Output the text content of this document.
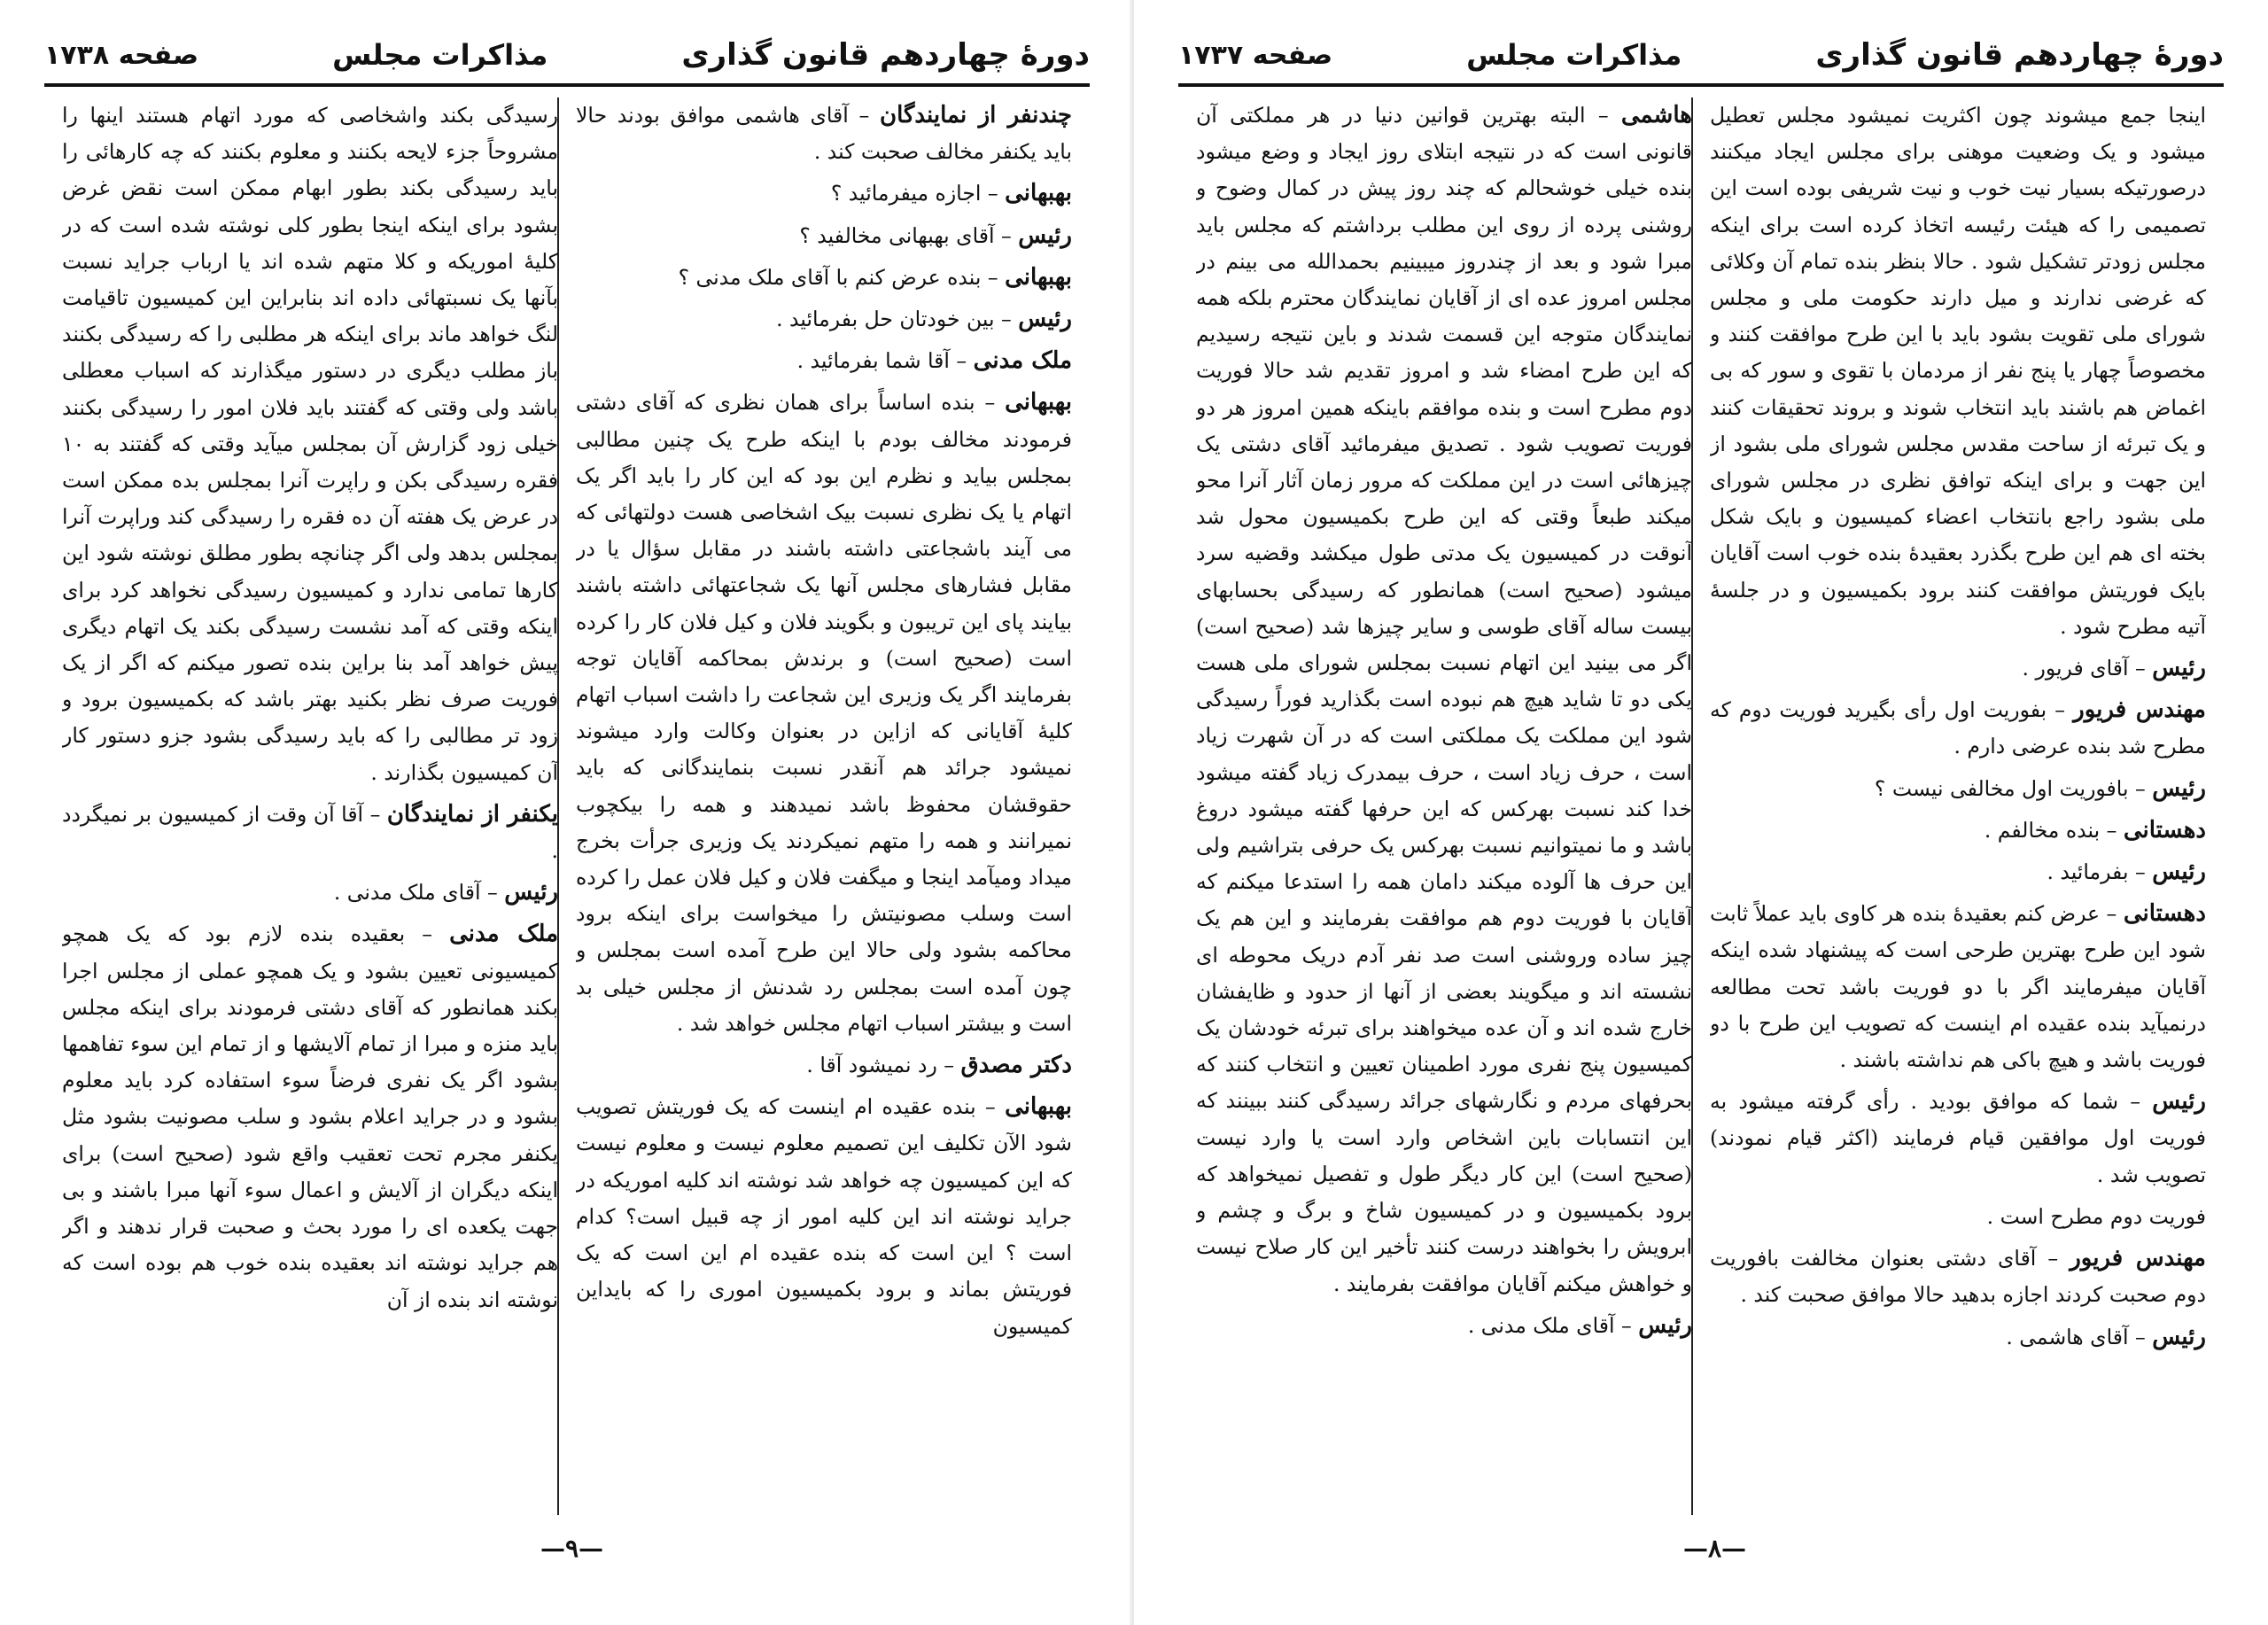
دورهٔ چهاردهم قانون گذاری
مذاکرات مجلس
صفحه ۱۷۳۸

چندنفر از نمایندگان – آقای هاشمی موافق بودند حالا باید یکنفر مخالف صحبت کند .

بهبهانی – اجازه میفرمائید ؟

رئیس – آقای بهبهانی مخالفید ؟

بهبهانی – بنده عرض کنم با آقای ملک مدنی ؟

رئیس – بین خودتان حل بفرمائید .

ملک مدنی – آقا شما بفرمائید .

بهبهانی – بنده اساساً برای همان نظری که آقای دشتی فرمودند مخالف بودم با اینکه طرح یک چنین مطالبی بمجلس بیاید و نظرم این بود که این کار را باید اگر یک اتهام یا یک نظری نسبت بیک اشخاصی هست دولتهائی که می آیند باشجاعتی داشته باشند در مقابل سؤال یا در مقابل فشارهای مجلس آنها یک شجاعتهائی داشته باشند بیایند پای این تریبون و بگویند فلان و کیل فلان کار را کرده است (صحیح است) و برندش بمحاکمه آقایان توجه بفرمایند اگر یک وزیری این شجاعت را داشت اسباب اتهام کلیهٔ آقایانی که ازاین در بعنوان وکالت وارد میشوند نمیشود جرائد هم آنقدر نسبت بنمایندگانی که باید حقوقشان محفوظ باشد نمیدهند و همه را بیکچوب نمیرانند و همه را متهم نمیکردند یک وزیری جرأت بخرج میداد ومیآمد اینجا و میگفت فلان و کیل فلان عمل را کرده است وسلب مصونیتش را میخواست برای اینکه برود محاکمه بشود ولی حالا این طرح آمده است بمجلس و چون آمده است بمجلس رد شدنش از مجلس خیلی بد است و بیشتر اسباب اتهام مجلس خواهد شد .

دکتر مصدق – رد نمیشود آقا .

بهبهانی – بنده عقیده ام اینست که یک فوریتش تصویب شود الآن تکلیف این تصمیم معلوم نیست و معلوم نیست که این کمیسیون چه خواهد شد نوشته اند کلیه اموریکه در جراید نوشته اند این کلیه امور از چه قبیل است؟ کدام است ؟ این است که بنده عقیده ام این است که یک فوریتش بماند و برود بکمیسیون اموری را که بایداین کمیسیون

رسیدگی بکند واشخاصی که مورد اتهام هستند اینها را مشروحاً جزء لایحه بکنند و معلوم بکنند که چه کارهائی را باید رسیدگی بکند بطور ابهام ممکن است نقض غرض بشود برای اینکه اینجا بطور کلی نوشته شده است که در کلیهٔ اموریکه و کلا متهم شده اند یا ارباب جراید نسبت بآنها یک نسبتهائی داده اند بنابراین این کمیسیون تاقیامت لنگ خواهد ماند برای اینکه هر مطلبی را که رسیدگی بکنند باز مطلب دیگری در دستور میگذارند که اسباب معطلی باشد ولی وقتی که گفتند باید فلان امور را رسیدگی بکنند خیلی زود گزارش آن بمجلس میآید وقتی که گفتند به ۱۰ فقره رسیدگی بکن و راپرت آنرا بمجلس بده ممکن است در عرض یک هفته آن ده فقره را رسیدگی کند وراپرت آنرا بمجلس بدهد ولی اگر چنانچه بطور مطلق نوشته شود این کارها تمامی ندارد و کمیسیون رسیدگی نخواهد کرد برای اینکه وقتی که آمد نشست رسیدگی بکند یک اتهام دیگری پیش خواهد آمد بنا براین بنده تصور میکنم که اگر از یک فوریت صرف نظر بکنید بهتر باشد که بکمیسیون برود و زود تر مطالبی را که باید رسیدگی بشود جزو دستور کار آن کمیسیون بگذارند .

یکنفر از نمایندگان – آقا آن وقت از کمیسیون بر نمیگردد .

رئیس – آقای ملک مدنی .

ملک مدنی – بعقیده بنده لازم بود که یک همچو کمیسیونی تعیین بشود و یک همچو عملی از مجلس اجرا بکند همانطور که آقای دشتی فرمودند برای اینکه مجلس باید منزه و مبرا از تمام آلایشها و از تمام این سوء تفاهمها بشود اگر یک نفری فرضاً سوء استفاده کرد باید معلوم بشود و در جراید اعلام بشود و سلب مصونیت بشود مثل یکنفر مجرم تحت تعقیب واقع شود (صحیح است) برای اینکه دیگران از آلایش و اعمال سوء آنها مبرا باشند و بی جهت یکعده ای را مورد بحث و صحبت قرار ندهند و اگر هم جراید نوشته اند بعقیده بنده خوب هم بوده است که نوشته اند بنده از آن

—۹—
دورهٔ چهاردهم قانون گذاری
مذاکرات مجلس
صفحه ۱۷۳۷

اینجا جمع میشوند چون اکثریت نمیشود مجلس تعطیل میشود و یک وضعیت موهنی برای مجلس ایجاد میکنند درصورتیکه بسیار نیت خوب و نیت شریفی بوده است این تصمیمی را که هیئت رئیسه اتخاذ کرده است برای اینکه مجلس زودتر تشکیل شود . حالا بنظر بنده تمام آن وکلائی که غرضی ندارند و میل دارند حکومت ملی و مجلس شورای ملی تقویت بشود باید با این طرح موافقت کنند و مخصوصاً چهار یا پنج نفر از مردمان با تقوی و سور که بی اغماض هم باشند باید انتخاب شوند و بروند تحقیقات کنند و یک تبرئه از ساحت مقدس مجلس شورای ملی بشود از این جهت و برای اینکه توافق نظری در مجلس شورای ملی بشود راجع بانتخاب اعضاء کمیسیون و بایک شکل بخته ای هم این طرح بگذرد بعقیدهٔ بنده خوب است آقایان بایک فوریتش موافقت کنند برود بکمیسیون و در جلسهٔ آتیه مطرح شود .

رئیس – آقای فریور .

مهندس فریور – بفوریت اول رأی بگیرید فوریت دوم که مطرح شد بنده عرضی دارم .

رئیس – بافوریت اول مخالفی نیست ؟

دهستانی – بنده مخالفم .

رئیس – بفرمائید .

دهستانی – عرض کنم بعقیدهٔ بنده هر کاوی باید عملاً ثابت شود این طرح بهترین طرحی است که پیشنهاد شده اینکه آقایان میفرمایند اگر با دو فوریت باشد تحت مطالعه درنمیآید بنده عقیده ام اینست که تصویب این طرح با دو فوریت باشد و هیچ باکی هم نداشته باشند .

رئیس – شما که موافق بودید . رأی گرفته میشود به فوریت اول موافقین قیام فرمایند (اکثر قیام نمودند) تصویب شد .

فوریت دوم مطرح است .

مهندس فریور – آقای دشتی بعنوان مخالفت بافوریت دوم صحبت کردند اجازه بدهید حالا موافق صحبت کند .

رئیس – آقای هاشمی .

هاشمی – البته بهترین قوانین دنیا در هر مملکتی آن قانونی است که در نتیجه ابتلای روز ایجاد و وضع میشود بنده خیلی خوشحالم که چند روز پیش در کمال وضوح و روشنی پرده از روی این مطلب برداشتم که مجلس باید مبرا شود و بعد از چندروز میبینیم بحمدالله می بینم در مجلس امروز عده ای از آقایان نمایندگان محترم بلکه همه نمایندگان متوجه این قسمت شدند و باین نتیجه رسیدیم که این طرح امضاء شد و امروز تقدیم شد حالا فوریت دوم مطرح است و بنده موافقم باینکه همین امروز هر دو فوریت تصویب شود . تصدیق میفرمائید آقای دشتی یک چیزهائی است در این مملکت که مرور زمان آثار آنرا محو میکند طبعاً وقتی که این طرح بکمیسیون محول شد آنوقت در کمیسیون یک مدتی طول میکشد وقضیه سرد میشود (صحیح است) همانطور که رسیدگی بحسابهای بیست ساله آقای طوسی و سایر چیزها شد (صحیح است) اگر می بینید این اتهام نسبت بمجلس شورای ملی هست یکی دو تا شاید هیچ هم نبوده است بگذارید فوراً رسیدگی شود این مملکت یک مملکتی است که در آن شهرت زیاد است ، حرف زیاد است ، حرف بیمدرک زیاد گفته میشود خدا کند نسبت بهرکس که این حرفها گفته میشود دروغ باشد و ما نمیتوانیم نسبت بهرکس یک حرفی بتراشیم ولی این حرف ها آلوده میکند دامان همه را استدعا میکنم که آقایان با فوریت دوم هم موافقت بفرمایند و این هم یک چیز ساده وروشنی است صد نفر آدم دریک محوطه ای نشسته اند و میگویند بعضی از آنها از حدود و ظایفشان خارج شده اند و آن عده میخواهند برای تبرئه خودشان یک کمیسیون پنج نفری مورد اطمینان تعیین و انتخاب کنند که بحرفهای مردم و نگارشهای جرائد رسیدگی کنند ببینند که این انتسابات باین اشخاص وارد است یا وارد نیست (صحیح است) این کار دیگر طول و تفصیل نمیخواهد که برود بکمیسیون و در کمیسیون شاخ و برگ و چشم و ابرویش را بخواهند درست کنند تأخیر این کار صلاح نیست و خواهش میکنم آقایان موافقت بفرمایند .

رئیس – آقای ملک مدنی .

—۸—
